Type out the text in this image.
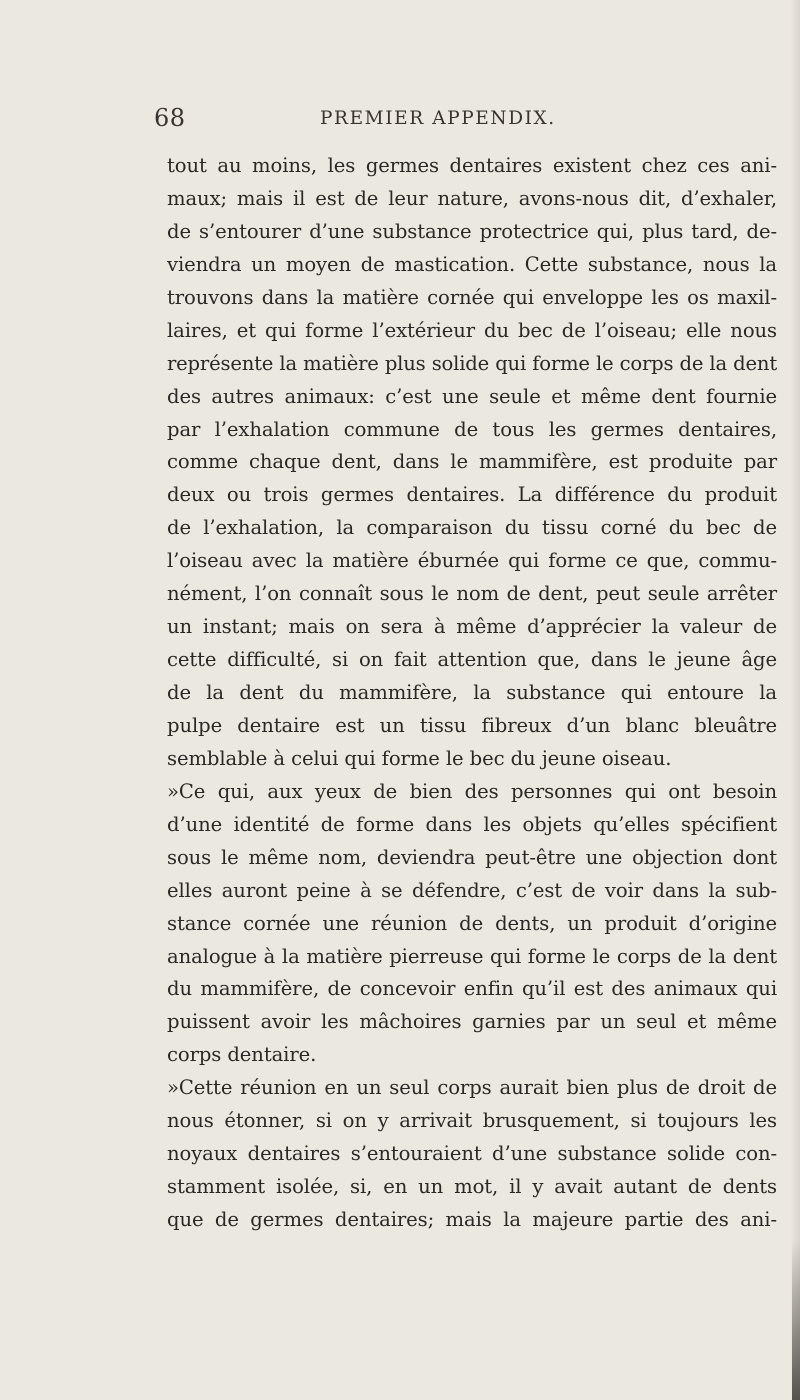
68	PREMIER APPENDIX.
tout au moins, les germes dentaires existent chez ces ani-
maux; mais il est de leur nature, avons-nous dit, d’exhaler,
de s’entourer d’une substance protectrice qui, plus tard, de-
viendra un moyen de mastication. Cette substance, nous la
trouvons dans la matière cornée qui enveloppe les os maxil-
laires, et qui forme l’extérieur du bec de l’oiseau; elle nous
représente la matière plus solide qui forme le corps de la dent
des autres animaux: c’est une seule et même dent fournie
par l’exhalation commune de tous les germes dentaires,
comme chaque dent, dans le mammifère, est produite par
deux ou trois germes dentaires. La différence du produit
de l’exhalation, la comparaison du tissu corné du bec de
l’oiseau avec la matière éburnée qui forme ce que, commu-
nément, l’on connaît sous le nom de dent, peut seule arrêter
un instant; mais on sera à même d’apprécier la valeur de
cette difficulté, si on fait attention que, dans le jeune âge
de la dent du mammifère, la substance qui entoure la
pulpe dentaire est un tissu fibreux d’un blanc bleuâtre
semblable à celui qui forme le bec du jeune oiseau.
»Ce qui, aux yeux de bien des personnes qui ont besoin
d’une identité de forme dans les objets qu’elles spécifient
sous le même nom, deviendra peut-être une objection dont
elles auront peine à se défendre, c’est de voir dans la sub-
stance cornée une réunion de dents, un produit d’origine
analogue à la matière pierreuse qui forme le corps de la dent
du mammifère, de concevoir enfin qu’il est des animaux qui
puissent avoir les mâchoires garnies par un seul et même
corps dentaire.
»Cette réunion en un seul corps aurait bien plus de droit de
nous étonner, si on y arrivait brusquement, si toujours les
noyaux dentaires s’entouraient d’une substance solide con-
stamment isolée, si, en un mot, il y avait autant de dents
que de germes dentaires; mais la majeure partie des ani-
